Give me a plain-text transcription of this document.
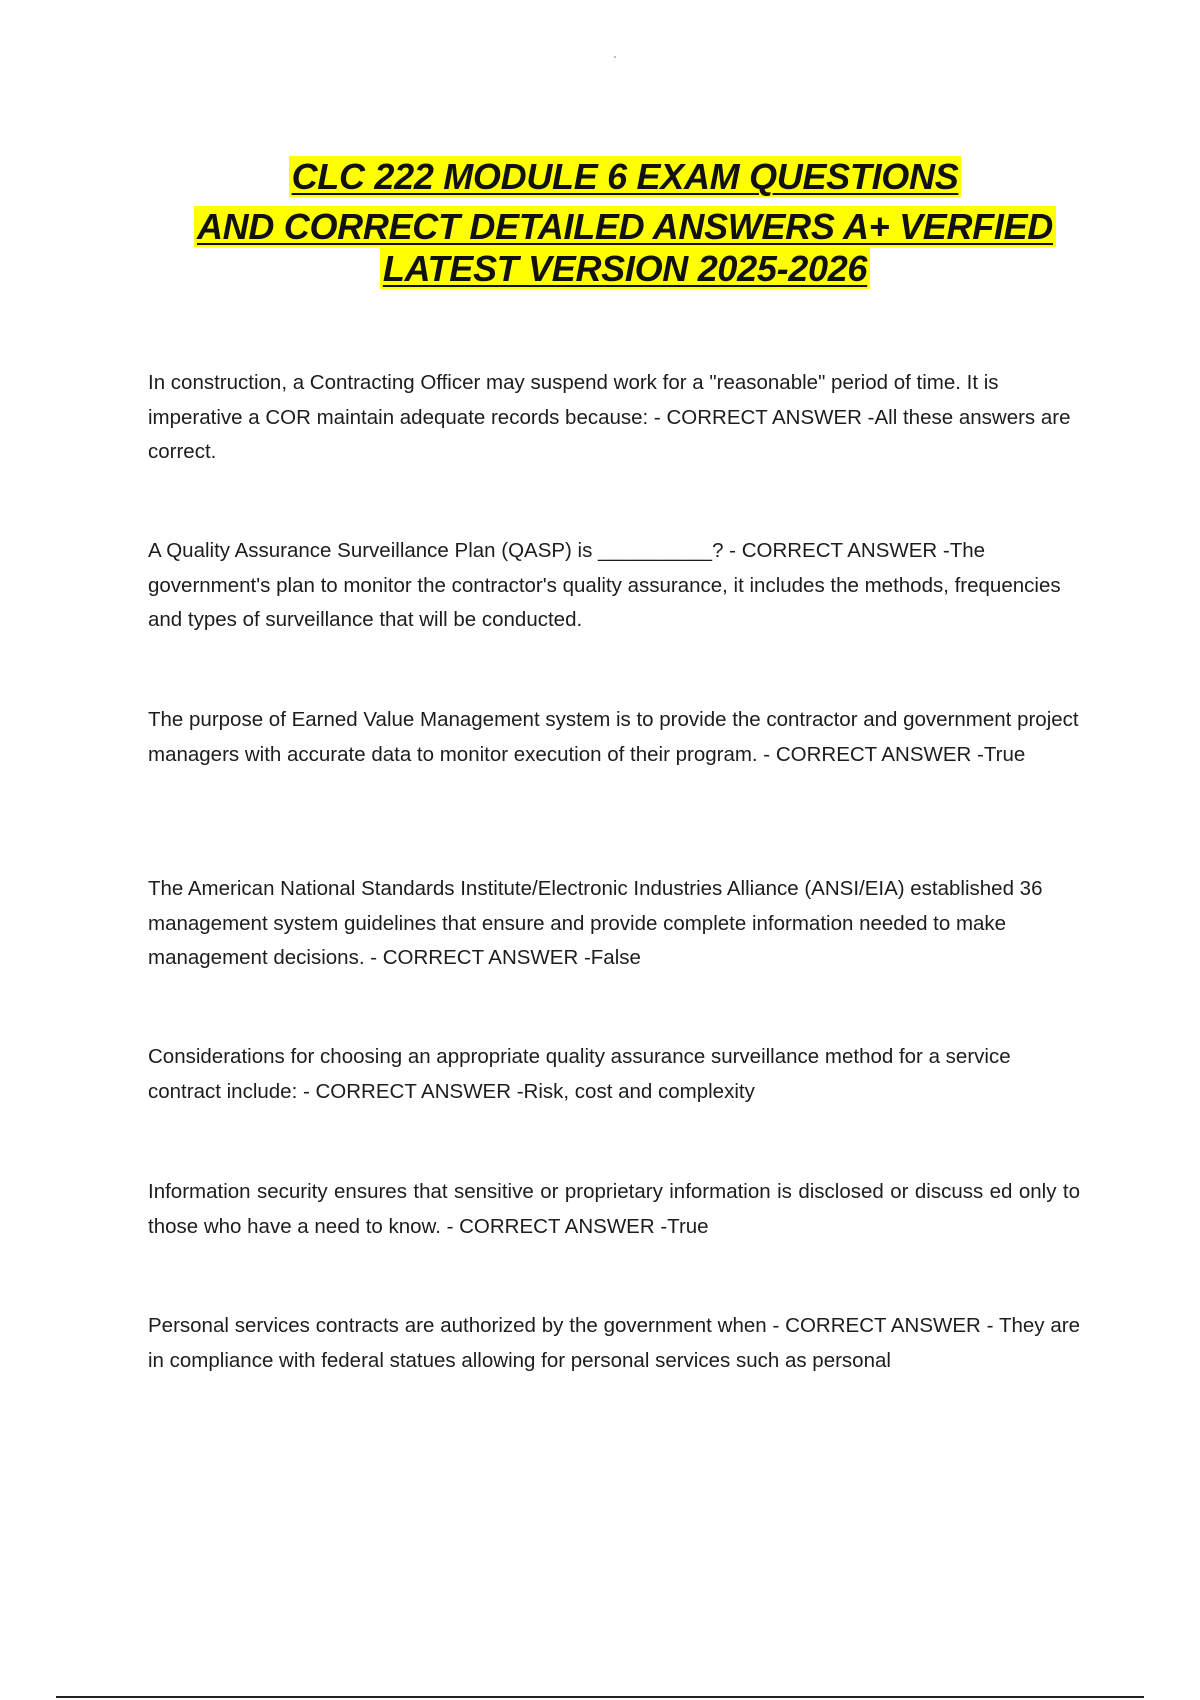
CLC 222 MODULE 6 EXAM QUESTIONS
AND CORRECT DETAILED ANSWERS A+ VERFIED
LATEST VERSION 2025-2026

In construction, a Contracting Officer may suspend work for a "reasonable" period of time. It is imperative a COR maintain adequate records because: - CORRECT ANSWER -All these answers are correct.

A Quality Assurance Surveillance Plan (QASP) is __________? - CORRECT ANSWER -The government's plan to monitor the contractor's quality assurance, it includes the methods, frequencies and types of surveillance that will be conducted.

The purpose of Earned Value Management system is to provide the contractor and government project managers with accurate data to monitor execution of their program. - CORRECT ANSWER -True

The American National Standards Institute/Electronic Industries Alliance (ANSI/EIA) established 36 management system guidelines that ensure and provide complete information needed to make management decisions. - CORRECT ANSWER -False

Considerations for choosing an appropriate quality assurance surveillance method for a service contract include: - CORRECT ANSWER -Risk, cost and complexity

Information security ensures that sensitive or proprietary information is disclosed or discuss ed only to those who have a need to know. - CORRECT ANSWER -True

Personal services contracts are authorized by the government when - CORRECT ANSWER - They are in compliance with federal statues allowing for personal services such as personal
